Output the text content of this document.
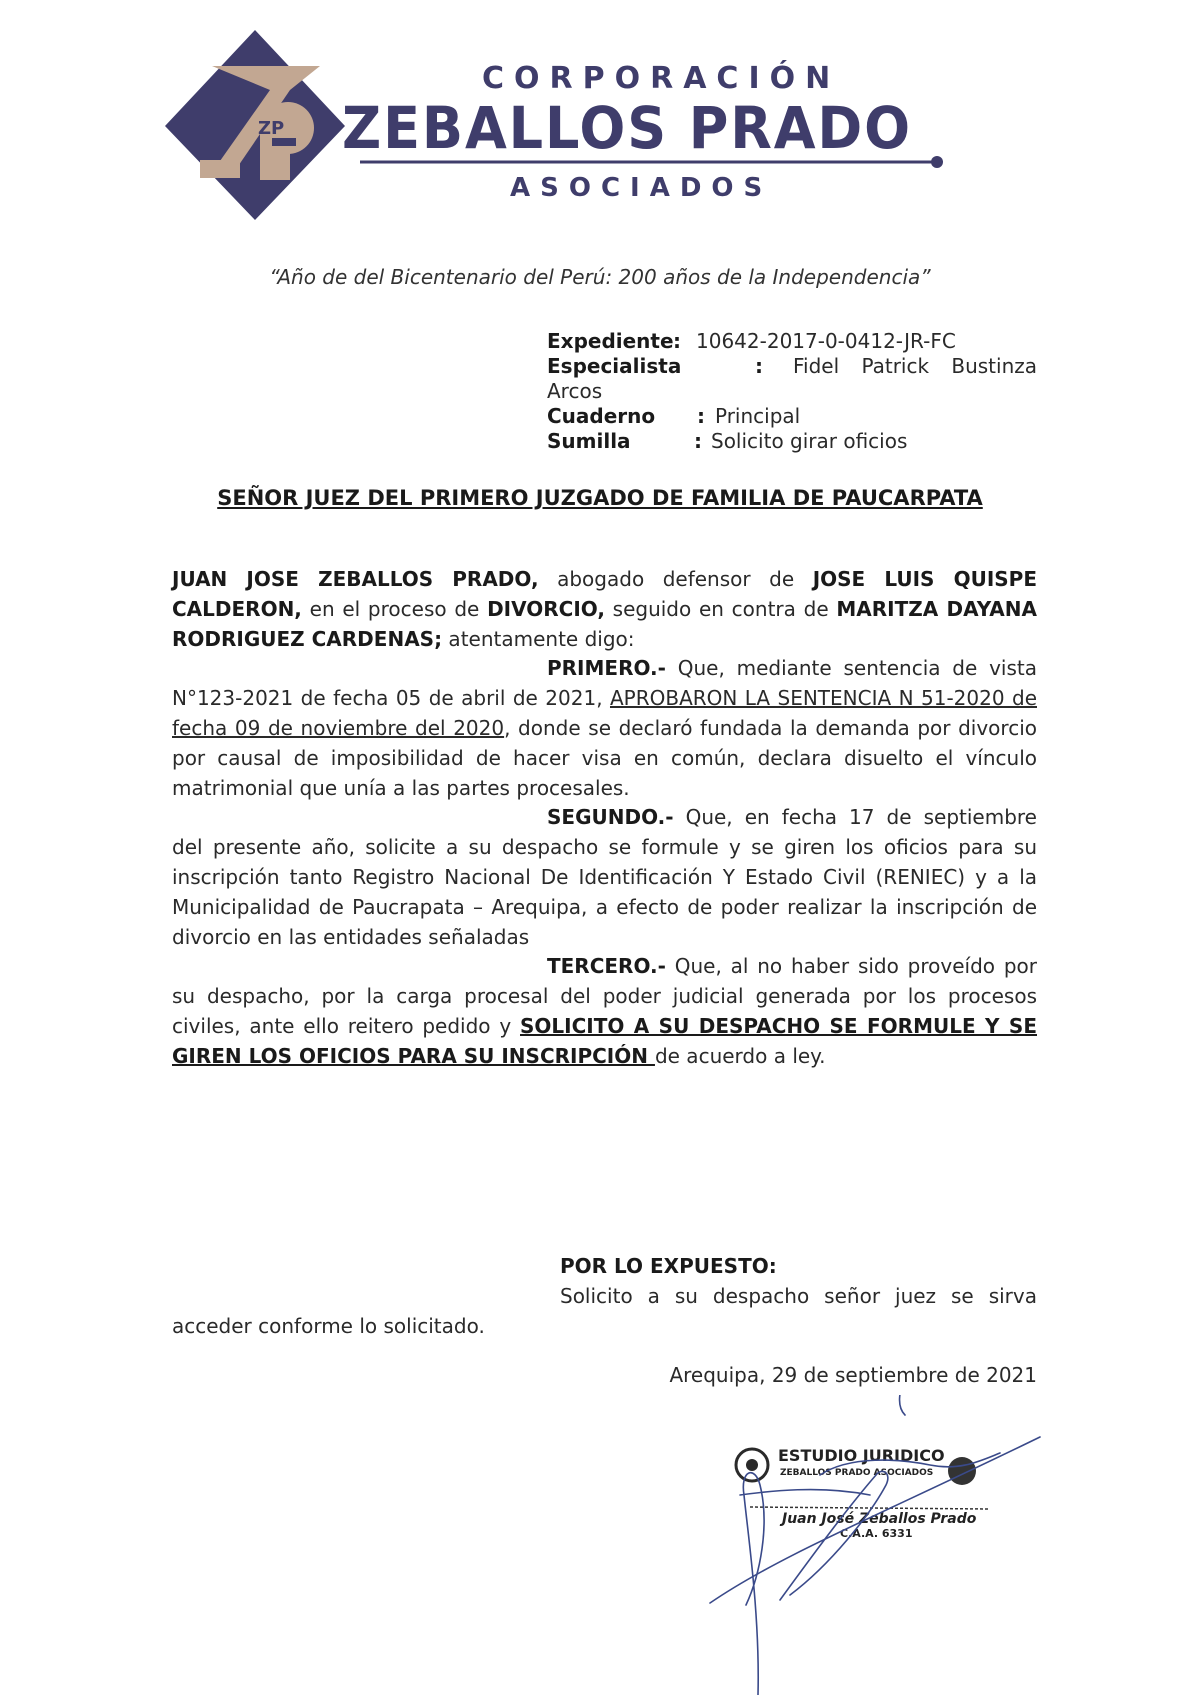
ZP
CORPORACIÓN
ZEBALLOS PRADO
ASOCIADOS
“Año de del Bicentenario del Perú: 200 años de la Independencia”
Expediente : 10642-2017-0-0412-JR-FC
Especialista	: Fidel Patrick Bustinza
Arcos
Cuaderno : Principal
Sumilla	: Solicito girar oficios
SEÑOR JUEZ DEL PRIMERO JUZGADO DE FAMILIA DE PAUCARPATA

JUAN JOSE ZEBALLOS PRADO, abogado defensor de JOSE LUIS QUISPE CALDERON, en el proceso de DIVORCIO, seguido en contra de MARITZA DAYANA RODRIGUEZ CARDENAS; atentamente digo:

PRIMERO.- Que, mediante sentencia de vista N°123-2021 de fecha 05 de abril de 2021, APROBARON LA SENTENCIA N 51-2020 de fecha 09 de noviembre del 2020, donde se declaró fundada la demanda por divorcio por causal de imposibilidad de hacer visa en común, declara disuelto el vínculo matrimonial que unía a las partes procesales.

SEGUNDO.- Que, en fecha 17 de septiembre del presente año, solicite a su despacho se formule y se giren los oficios para su inscripción tanto Registro Nacional De Identificación Y Estado Civil (RENIEC) y a la Municipalidad de Paucrapata – Arequipa, a efecto de poder realizar la inscripción de divorcio en las entidades señaladas

TERCERO.- Que, al no haber sido proveído por su despacho, por la carga procesal del poder judicial generada por los procesos civiles, ante ello reitero pedido y SOLICITO A SU DESPACHO SE FORMULE Y SE GIREN LOS OFICIOS PARA SU INSCRIPCIÓN de acuerdo a ley.

POR LO EXPUESTO:

Solicito a su despacho señor juez se sirva acceder conforme lo solicitado.

Arequipa, 29 de septiembre de 2021
ESTUDIO JURIDICO
ZEBALLOS PRADO ASOCIADOS
Juan José Zeballos Prado
C.A.A. 6331
